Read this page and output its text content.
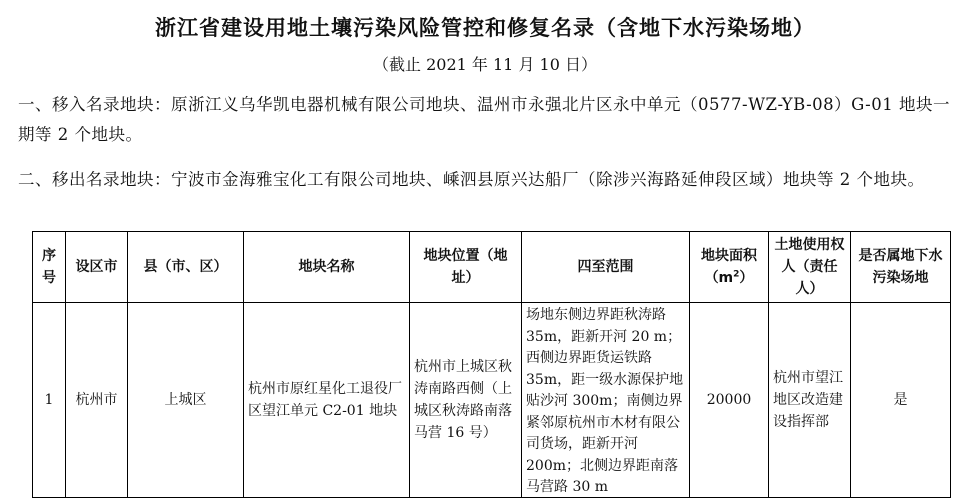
浙江省建设用地土壤污染风险管控和修复名录（含地下水污染场地）
（截止 2021 年 11 月 10 日）
一、移入名录地块：原浙江义乌华凯电器机械有限公司地块、温州市永强北片区永中单元（0577-WZ-YB-08）G-01 地块一期等 2 个地块。
二、移出名录地块：宁波市金海雅宝化工有限公司地块、嵊泗县原兴达船厂（除涉兴海路延伸段区域）地块等 2 个地块。
序号	设区市	县（市、区）	地块名称	地块位置（地址）	四至范围	地块面积$(m^2)$	土地使用权人（责任人）	是否属地下水污染场地
1	杭州市	上城区	杭州市原红星化工退役厂区望江单元 C2-01 地块	杭州市上城区秋涛南路西侧（上城区秋涛路南落马营 16 号）	场地东侧边界距秋涛路 35m，距新开河 20 m；西侧边界距货运铁路 35m，距一级水源保护地贴沙河 300m；南侧边界紧邻原杭州市木材有限公司货场，距新开河 200m；北侧边界距南落马营路 30 m	20000	杭州市望江地区改造建设指挥部	是
